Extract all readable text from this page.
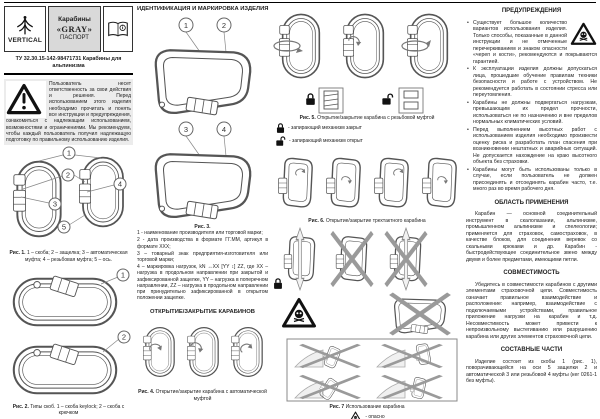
VERTICAL
Карабины
«GRAY»
ПАСПОРТ
ТУ 32.30.15-142-98471731 Карабины для альпинизма
Пользователь несет ответственность за свои действия и решения. Перед использованием этого изделия необходимо прочитать и понять все инструкции и предупреждения, ознакомиться с надлежащим использованием, возможностями и ограничениями. Мы рекомендуем, чтобы каждый пользователь получил надлежащую подготовку по правильному использованию изделия.
1
2
3
4
5
Рис. 1. 1 – скоба; 2 – защелка; 3 – автоматическая муфта; 4 – резьбовая муфта; 5 – ось.
1
2
Рис. 2. Типы скоб. 1 – скоба keylock; 2 – скоба с крючком
ИДЕНТИФИКАЦИЯ И МАРКИРОВКА ИЗДЕЛИЯ
1	2

3	4
Рис. 3.

1 - наименование производителя или торговой марки;

2 - дата производства в формате ГГ.ММ, артикул в формате XXX;

3 – товарный знак предприятия-изготовителя или торговой марки;

4 – маркировка нагрузок, kN ↔XX [YY ↕] ZZ, где XX – нагрузка в продольном направлении при закрытой и зафиксированной защелке, YY – нагрузка в поперечном направлении, ZZ – нагрузка в продольном направлении при принудительно зафиксированной в открытом положении защелке.

ОТКРЫТИЕ/ЗАКРЫТИЕ КАРАБИНОВ
Рис. 4. Открытие/закрытие карабина с автоматической муфтой
Рис. 5. Открытие/закрытие карабина с резьбовой муфтой
- запирающий механизм закрыт
- запирающий механизм открыт
Рис. 6. Открытие/закрытие трехтактного карабина
Рис. 7 Использование карабина
- опасно
ПРЕДУПРЕЖДЕНИЯ
• Существует большое количество вариантов использования изделия. Только способы, показанные в данной инструкции и не отмеченные перечеркиванием и знаком опасности «череп и кости», рекомендуются и покрываются гарантией.
• К эксплуатации изделия должны допускаться лица, прошедшие обучение правилам техники безопасности и работе с устройством. Не рекомендуется работать в состоянии стресса или переутомления.
• Карабины не должны подвергаться нагрузкам, превышающим их предел прочности, использоваться не по назначению и вне пределов нормальных климатических условий.
• Перед выполнением высотных работ с использованием изделия необходимо произвести оценку риска и разработать план спасения при возникновении нештатных и аварийных ситуаций. Не допускается нахождение на краю высотного объекта без страховки.
• Карабины могут быть использованы только в случае, если пользователь не должен присоединять и отсоединять карабин часто, т.е. много раз во время рабочего дня.
ОБЛАСТЬ ПРИМЕНЕНИЯ

Карабин — основной соединительный инструмент в скалолазании, альпинизме, промышленном альпинизме и спелеологии; применяется для страховок, самостраховок, в качестве блоков, для соединения веревок со скальными крюками и др. Карабин - быстродействующее соединительное звено между двумя и более предметами, имеющими петли.

СОВМЕСТИМОСТЬ

Убедитесь в совместимости карабинов с другими элементами страховочной цепи. Совместимость означает правильное взаимодействие и расположение: например, взаимодействие с подключаемыми устройствами, правильное приложение нагрузки на карабин и т.д. Несовместимость может привести к непроизвольному выстегиванию или разрушению карабина или других элементов страховочной цепи.

СОСТАВНЫЕ ЧАСТИ

Изделие состоит из скобы 1 (рис. 1), поворачивающейся на оси 5 защелки 2 и автоматической 3 или резьбовой 4 муфты (кег 0261-1 без муфты).
